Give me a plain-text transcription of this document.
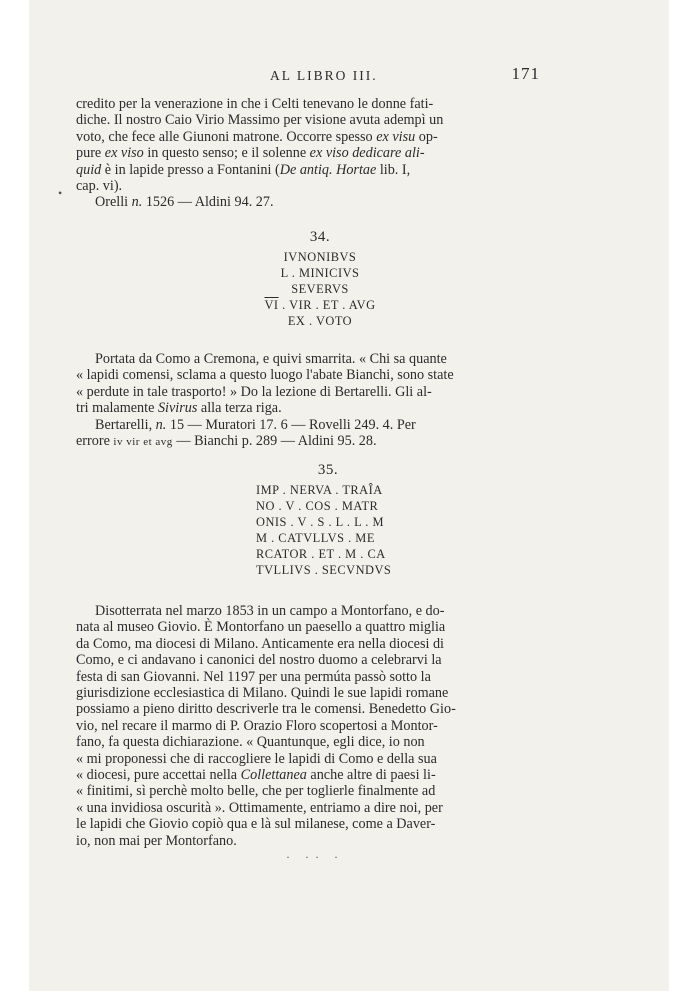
AL LIBRO III.	171
credito per la venerazione in che i Celti tenevano le donne fati-
diche. Il nostro Caio Virio Massimo per visione avuta adempì un
voto, che fece alle Giunoni matrone. Occorre spesso ex visu op-
pure ex viso in questo senso; e il solenne ex viso dedicare ali-
quid è in lapide presso a Fontanini (De antiq. Hortae lib. I,
cap. vi).
Orelli n. 1526 — Aldini 94. 27.
•
34.
IVNONIBVS
L . MINICIVS
SEVERVS
$\overline{VI}$ . VIR . ET . AVG
EX . VOTO
Portata da Como a Cremona, e quivi smarrita. « Chi sa quante
« lapidi comensi, sclama a questo luogo l'abate Bianchi, sono state
« perdute in tale trasporto! » Do la lezione di Bertarelli. Gli al-
tri malamente Sivirus alla terza riga.
Bertarelli, n. 15 — Muratori 17. 6 — Rovelli 249. 4. Per
errore iv vir et avg — Bianchi p. 289 — Aldini 95. 28.
35.
IMP . NERVA . TRAÎA
NO . V . COS . MATR
ONIS . V . S . L . L . M
M . CATVLLVS . ME
RCATOR . ET . M . CA
TVLLIVS . SECVNDVS
Disotterrata nel marzo 1853 in un campo a Montorfano, e do-
nata al museo Giovio. È Montorfano un paesello a quattro miglia
da Como, ma diocesi di Milano. Anticamente era nella diocesi di
Como, e ci andavano i canonici del nostro duomo a celebrarvi la
festa di san Giovanni. Nel 1197 per una permúta passò sotto la
giurisdizione ecclesiastica di Milano. Quindi le sue lapidi romane
possiamo a pieno diritto descriverle tra le comensi. Benedetto Gio-
vio, nel recare il marmo di P. Orazio Floro scopertosi a Montor-
fano, fa questa dichiarazione. « Quantunque, egli dice, io non
« mi proponessi che di raccogliere le lapidi di Como e della sua
« diocesi, pure accettai nella Collettanea anche altre di paesi li-
« finitimi, sì perchè molto belle, che per toglierle finalmente ad
« una invidiosa oscurità ». Ottimamente, entriamo a dire noi, per
le lapidi che Giovio copiò qua e là sul milanese, come a Daver-
io, non mai per Montorfano.
· ·· ·
